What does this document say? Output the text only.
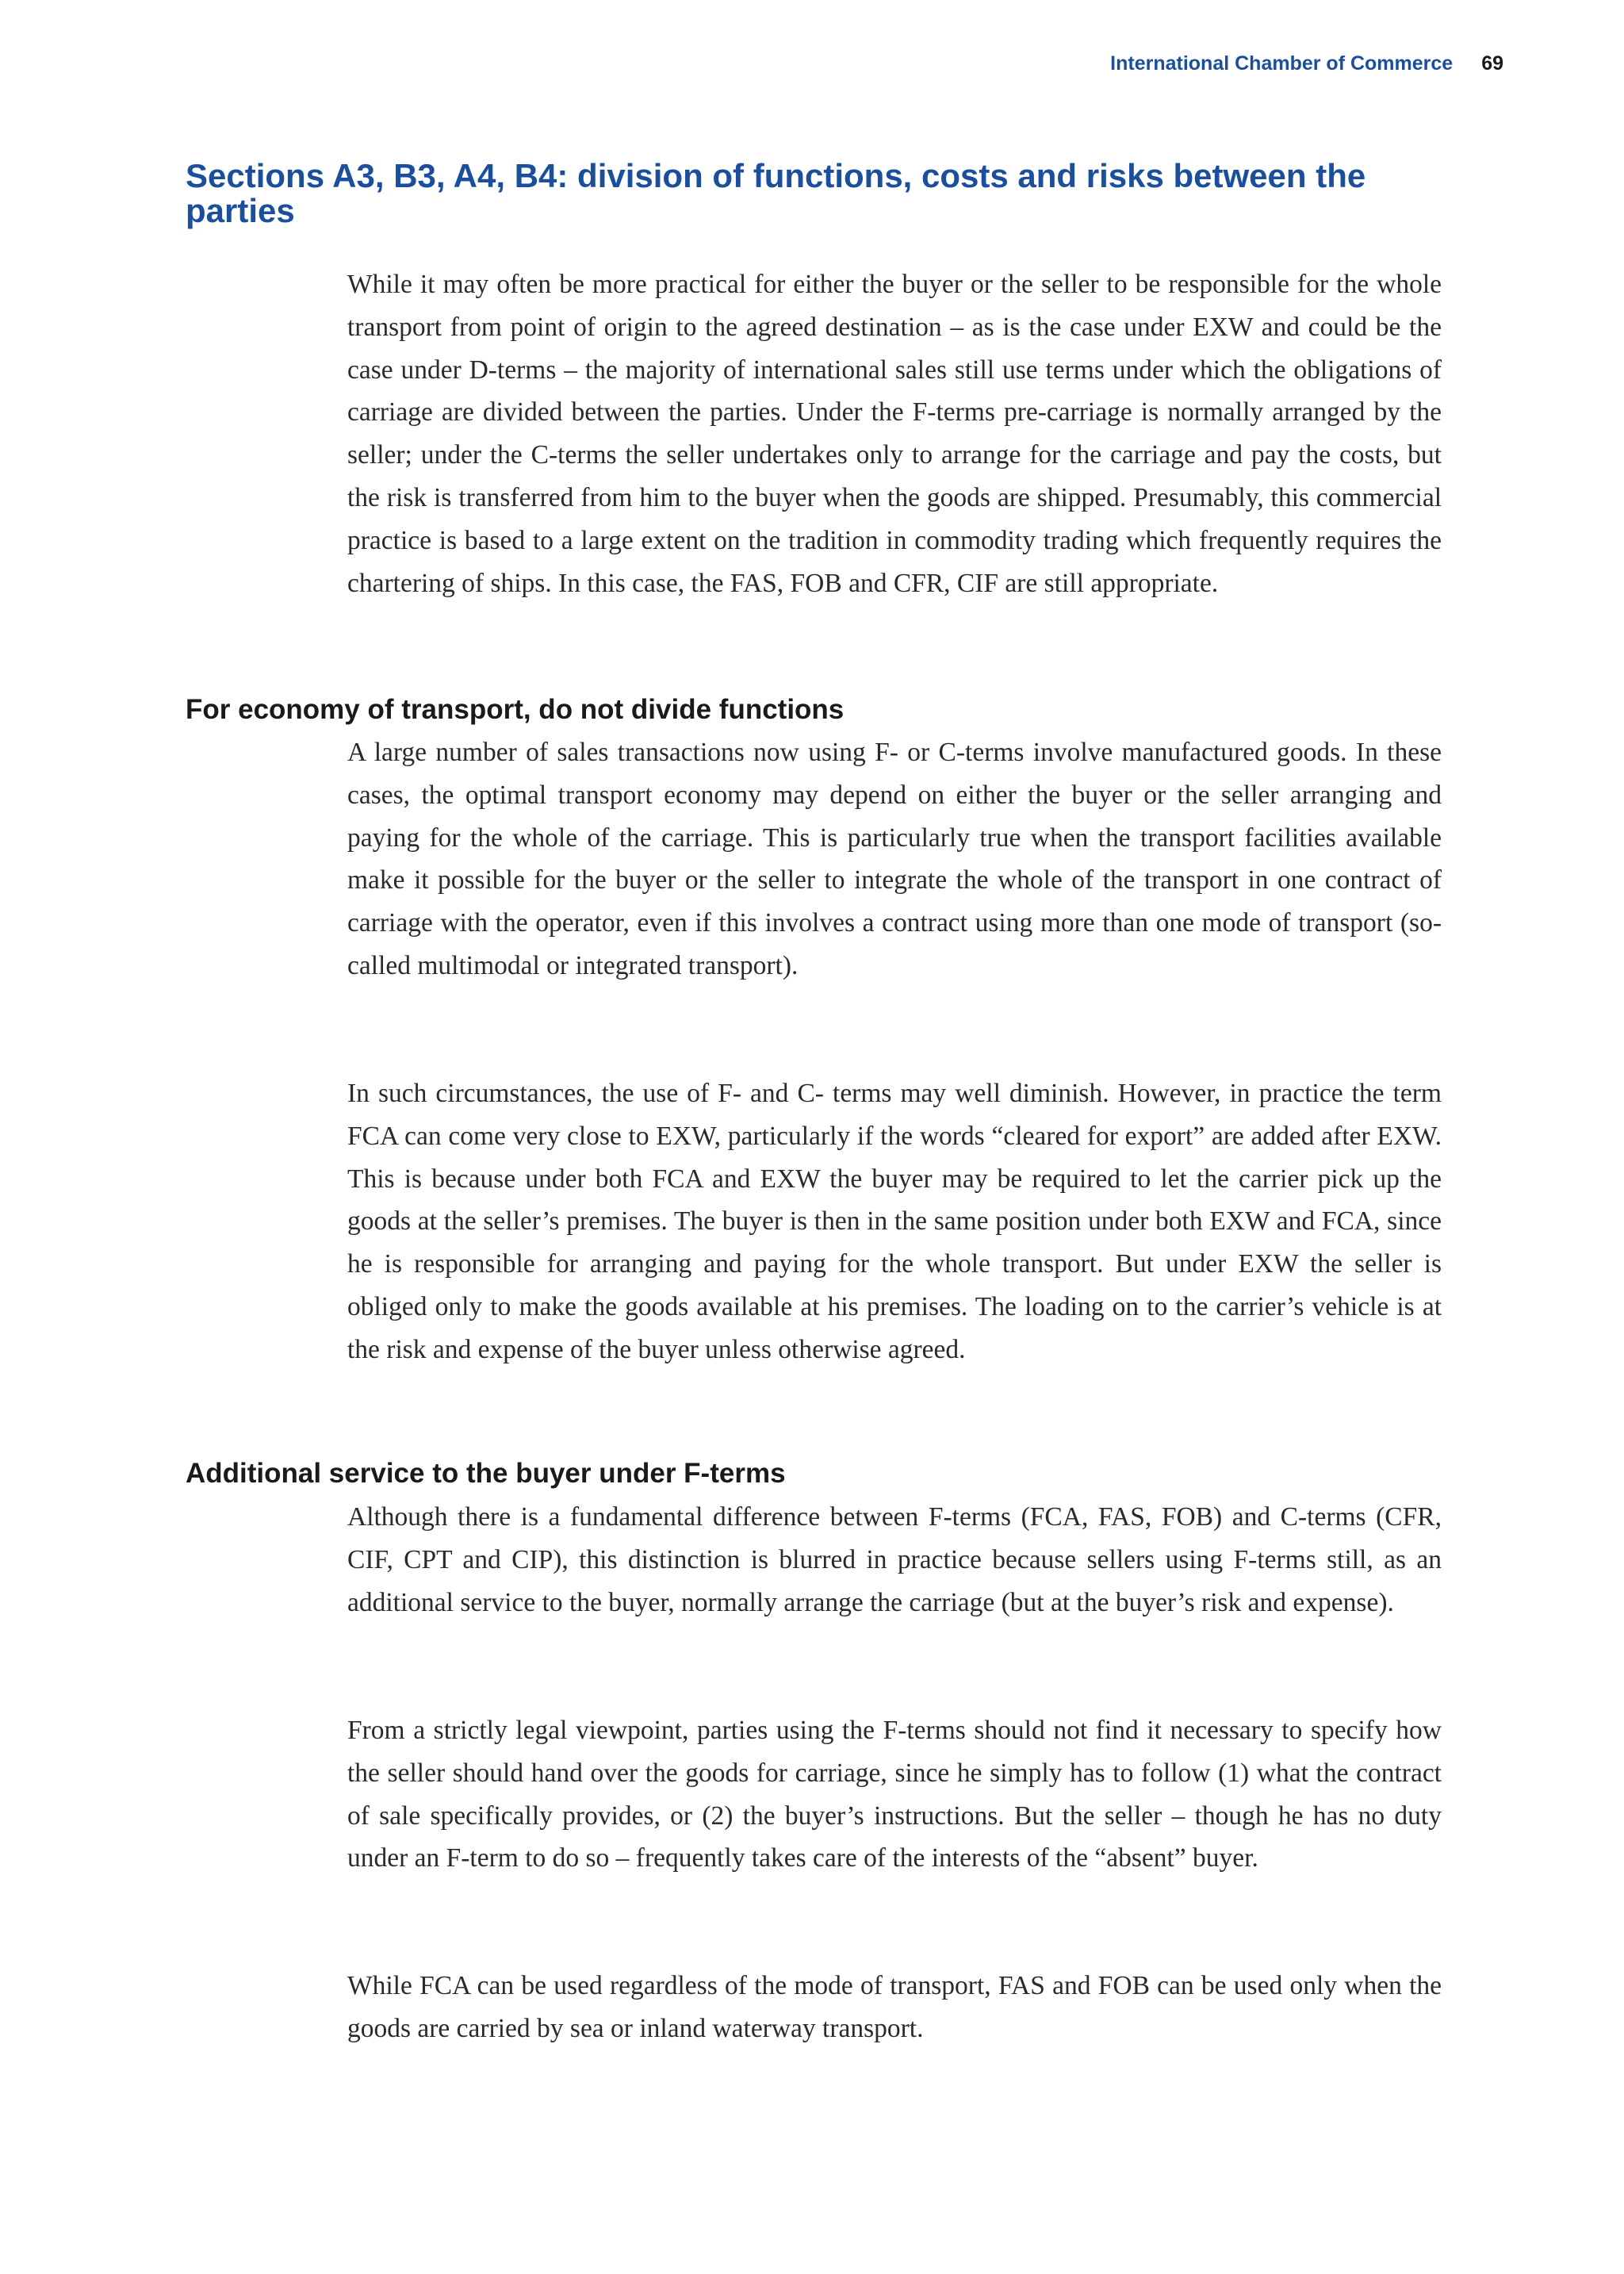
International Chamber of Commerce 69
Sections A3, B3, A4, B4: division of functions, costs and risks between the parties

While it may often be more practical for either the buyer or the seller to be responsible for the whole transport from point of origin to the agreed destination – as is the case under EXW and could be the case under D-terms – the majority of international sales still use terms under which the obligations of carriage are divided between the parties. Under the F-terms pre-carriage is normally arranged by the seller; under the C-terms the seller undertakes only to arrange for the carriage and pay the costs, but the risk is transferred from him to the buyer when the goods are shipped. Presumably, this commercial practice is based to a large extent on the tradition in commodity trading which frequently requires the chartering of ships. In this case, the FAS, FOB and CFR, CIF are still appropriate.

For economy of transport, do not divide functions

A large number of sales transactions now using F- or C-terms involve manufactured goods. In these cases, the optimal transport economy may depend on either the buyer or the seller arranging and paying for the whole of the carriage. This is particularly true when the transport facilities available make it possible for the buyer or the seller to integrate the whole of the transport in one contract of carriage with the operator, even if this involves a contract using more than one mode of transport (so-called multimodal or integrated transport).

In such circumstances, the use of F- and C- terms may well diminish. However, in practice the term FCA can come very close to EXW, particularly if the words “cleared for export” are added after EXW. This is because under both FCA and EXW the buyer may be required to let the carrier pick up the goods at the seller’s premises. The buyer is then in the same position under both EXW and FCA, since he is responsible for arranging and paying for the whole transport. But under EXW the seller is obliged only to make the goods available at his premises. The loading on to the carrier’s vehicle is at the risk and expense of the buyer unless otherwise agreed.

Additional service to the buyer under F-terms

Although there is a fundamental difference between F-terms (FCA, FAS, FOB) and C-terms (CFR, CIF, CPT and CIP), this distinction is blurred in practice because sellers using F-terms still, as an additional service to the buyer, normally arrange the carriage (but at the buyer’s risk and expense).

From a strictly legal viewpoint, parties using the F-terms should not find it necessary to specify how the seller should hand over the goods for carriage, since he simply has to follow (1) what the contract of sale specifically provides, or (2) the buyer’s instructions. But the seller – though he has no duty under an F-term to do so – frequently takes care of the interests of the “absent” buyer.

While FCA can be used regardless of the mode of transport, FAS and FOB can be used only when the goods are carried by sea or inland waterway transport.
